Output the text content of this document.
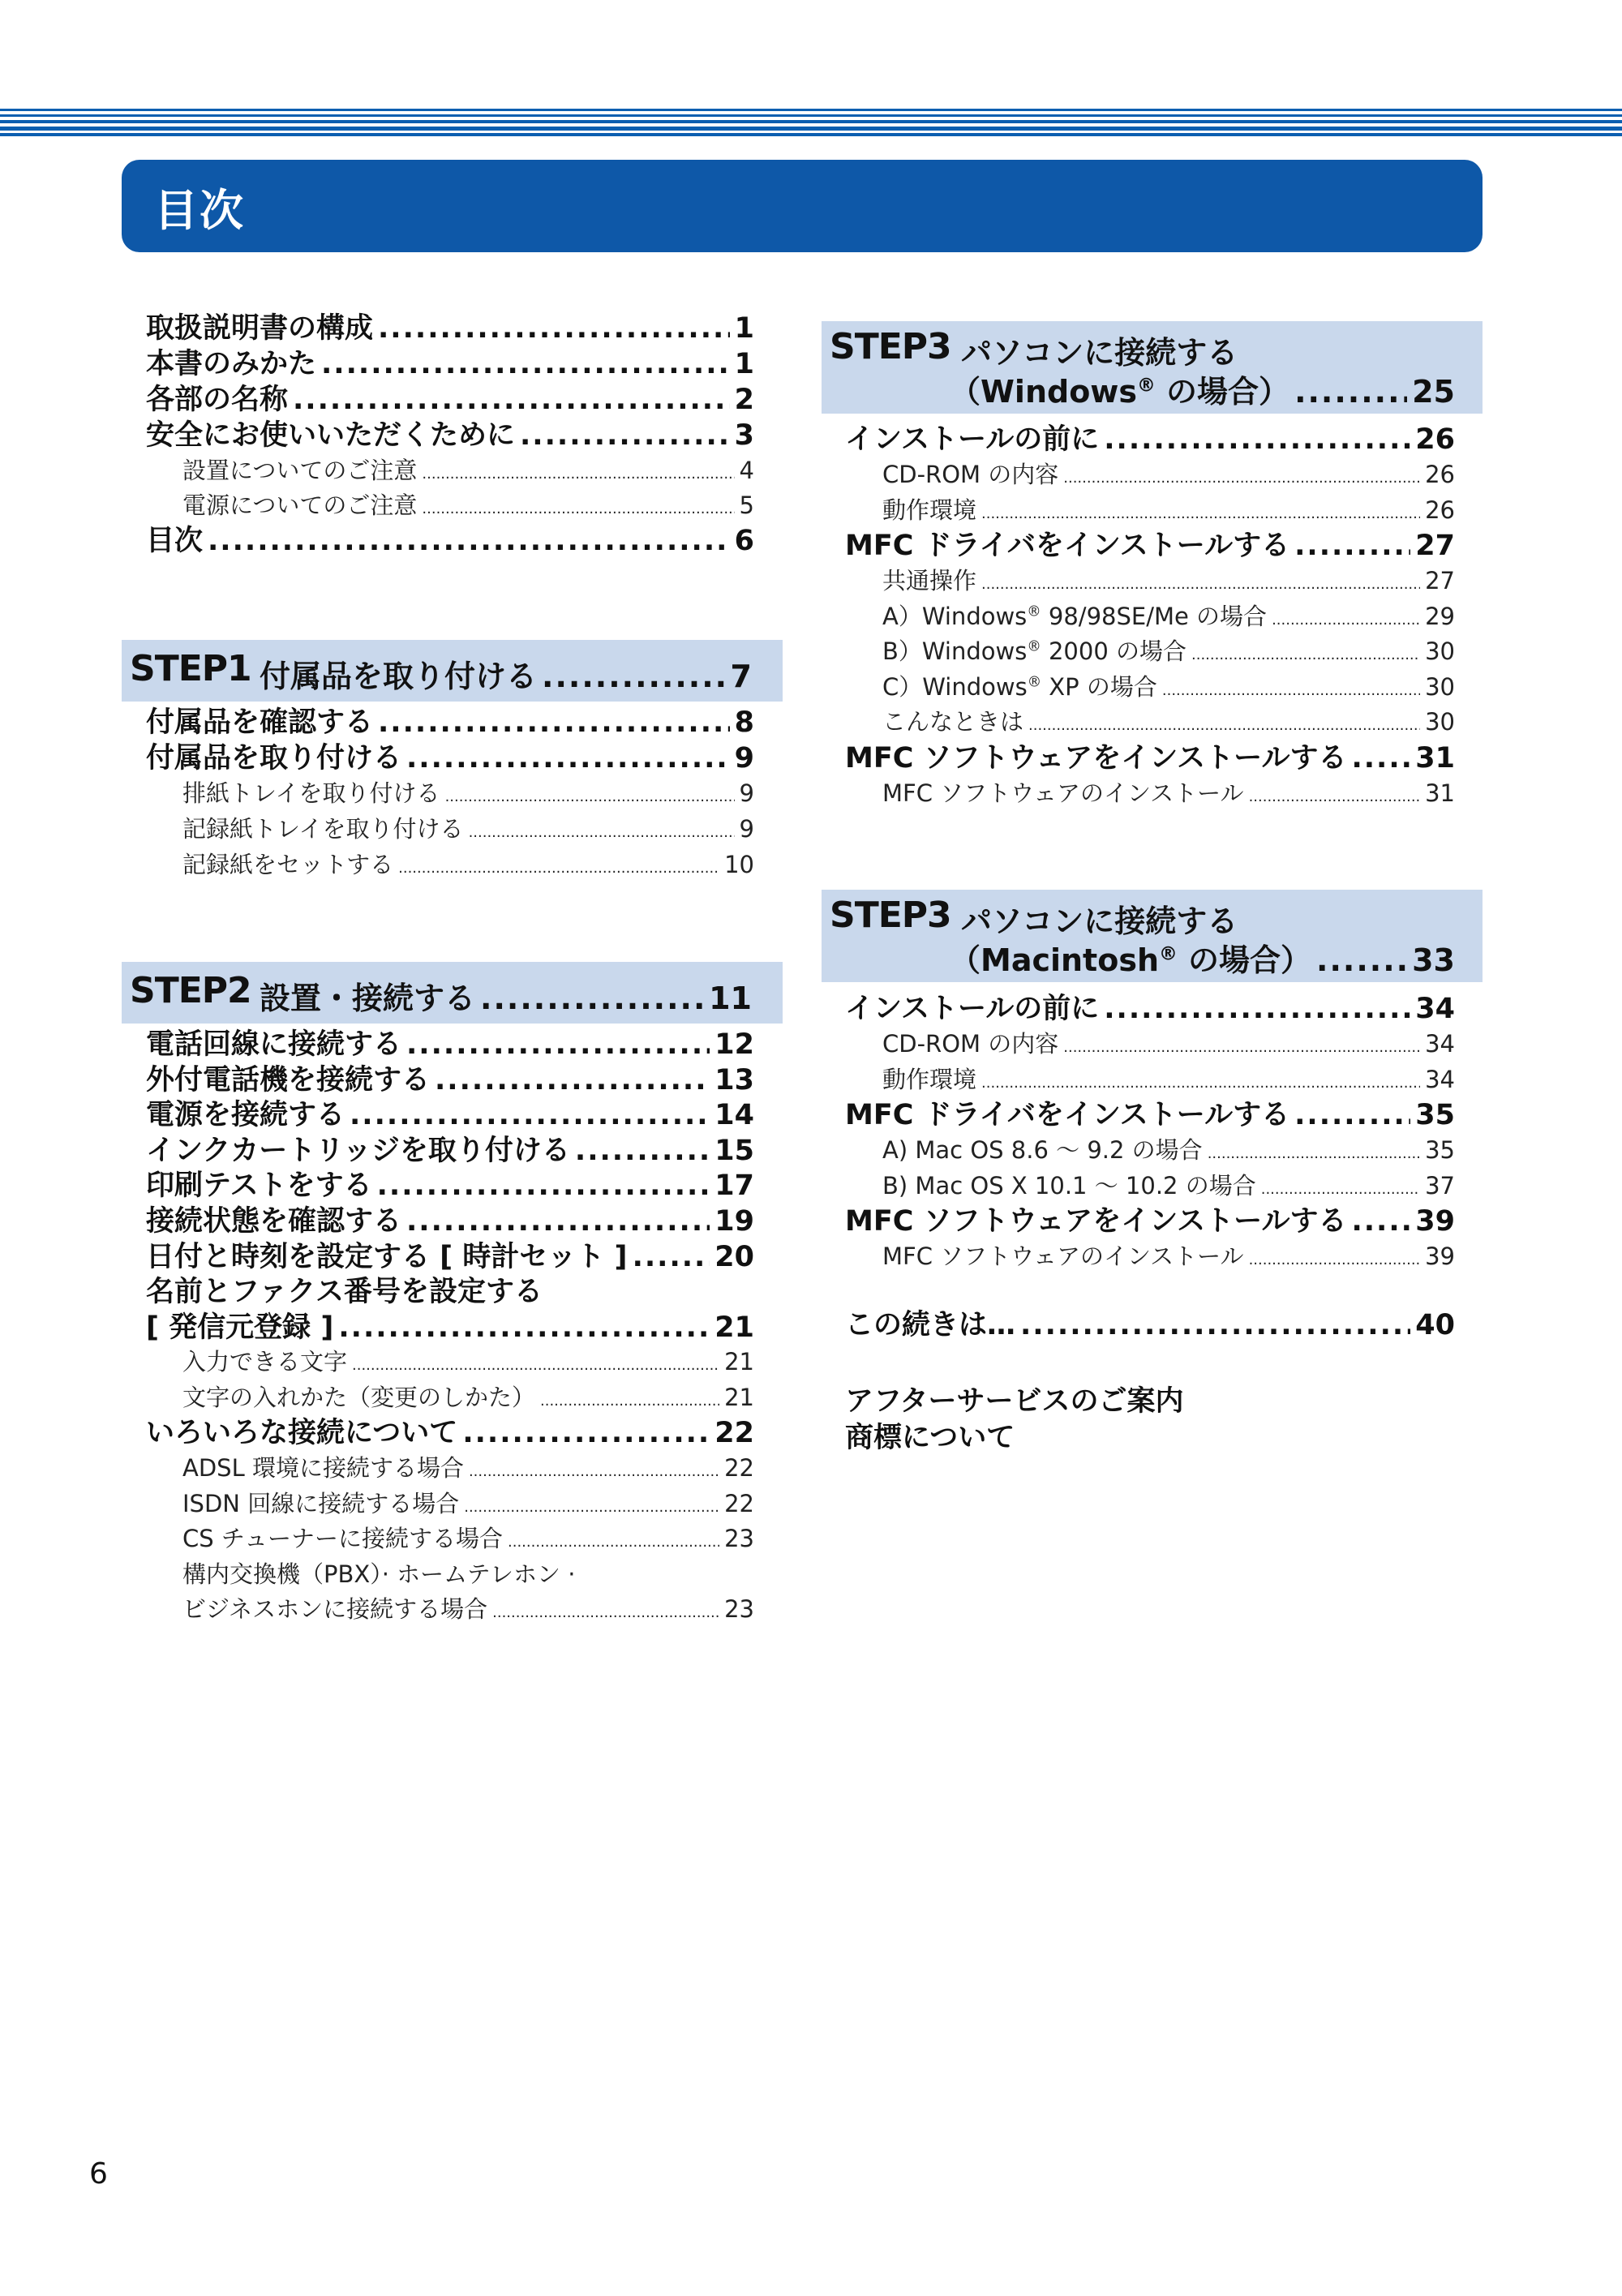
目次
取扱説明書の構成 .....	1
本書のみかた .....	1
各部の名称 .....	2
安全にお使いいただくために .....	3
設置についてのご注意 .....	4
電源についてのご注意 .....	5
目次 .....	6
STEP1 付属品を取り付ける .....	7
付属品を確認する .....	8
付属品を取り付ける .....	9
排紙トレイを取り付ける .....	9
記録紙トレイを取り付ける .....	9
記録紙をセットする .....	10
STEP2 設置・接続する .....	11
電話回線に接続する .....	12
外付電話機を接続する .....	13
電源を接続する .....	14
インクカートリッジを取り付ける .....	15
印刷テストをする .....	17
接続状態を確認する .....	19
日付と時刻を設定する [ 時計セット ] .....	20
名前とファクス番号を設定する
[ 発信元登録 ] .....	21
入力できる文字 .....	21
文字の入れかた（変更のしかた） .....	21
いろいろな接続について .....	22
ADSL 環境に接続する場合 .....	22
ISDN 回線に接続する場合 .....	22
CS チューナーに接続する場合 .....	23
構内交換機（PBX）· ホームテレホン ·
ビジネスホンに接続する場合 .....	23
STEP3 パソコンに接続する
（Windows® の場合） .....	25
インストールの前に .....	26
CD-ROM の内容 .....	26
動作環境 .....	26
MFC ドライバをインストールする .....	27
共通操作 .....	27
A）Windows® 98/98SE/Me の場合 .....	29
B）Windows® 2000 の場合 .....	30
C）Windows® XP の場合 .....	30
こんなときは .....	30
MFC ソフトウェアをインストールする ..... 31
MFC ソフトウェアのインストール .....	31
STEP3 パソコンに接続する
（Macintosh® の場合） .....	33
インストールの前に .....	34
CD-ROM の内容 .....	34
動作環境 .....	34
MFC ドライバをインストールする .....	35
A) Mac OS 8.6 ～ 9.2 の場合 .....	35
B) Mac OS X 10.1 ～ 10.2 の場合 .....	37
MFC ソフトウェアをインストールする ..... 39
MFC ソフトウェアのインストール .....	39
この続きは… .....	40
アフターサービスのご案内
商標について
6
